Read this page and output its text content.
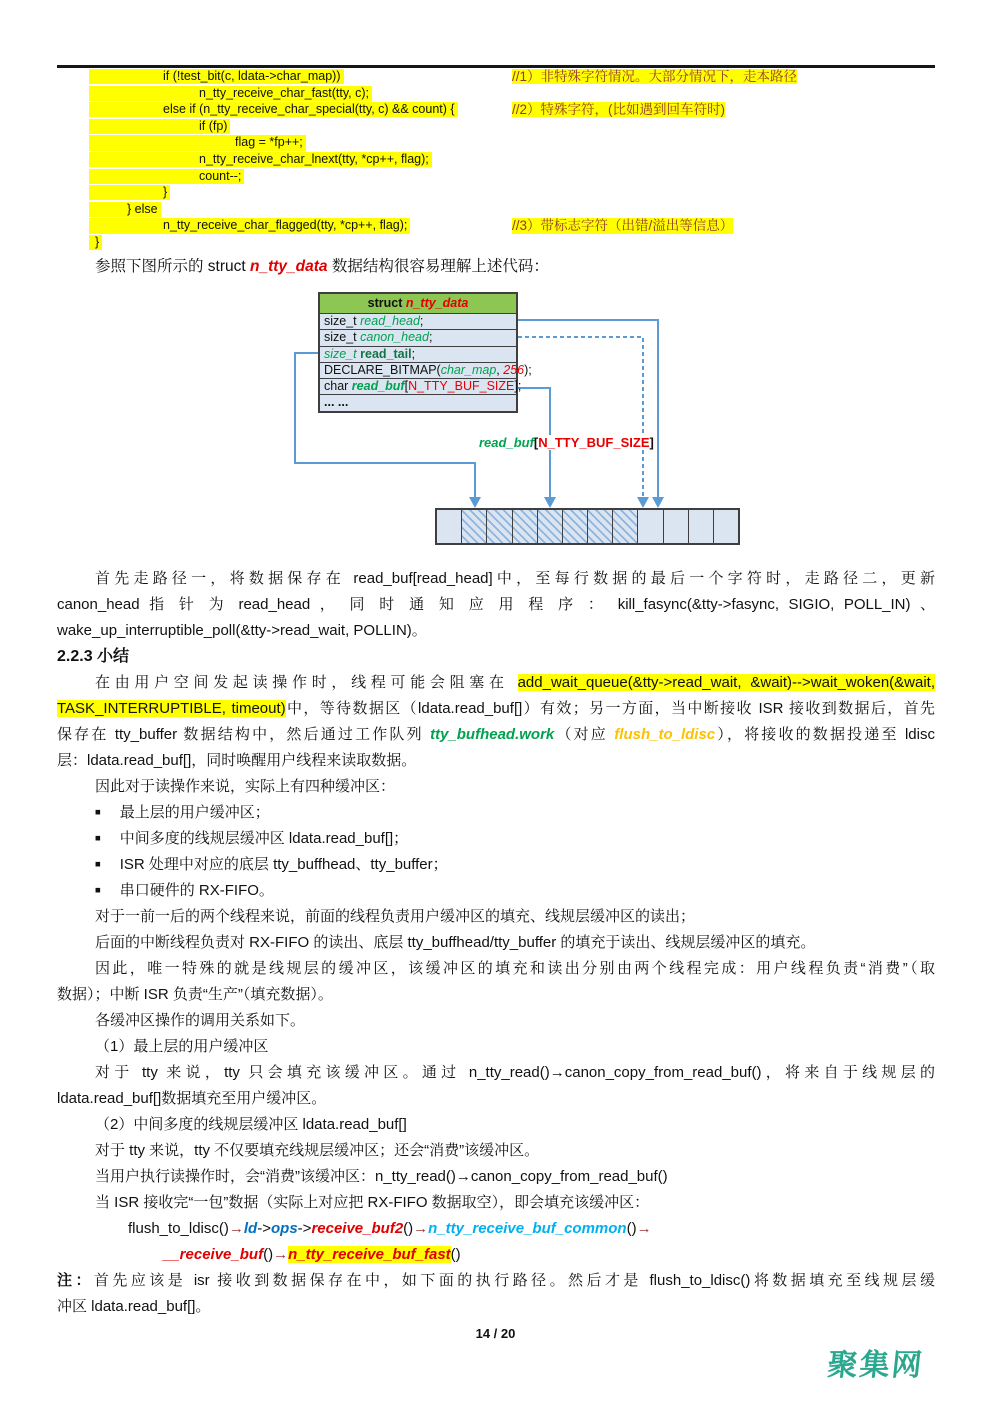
if (!test_bit(c, ldata->char_map))	//1）非特殊字符情况。大部分情况下，走本路径
n_tty_receive_char_fast(tty, c);
else if (n_tty_receive_char_special(tty, c) && count) {	//2）特殊字符，(比如遇到回车符时)
if (fp)
flag = *fp++;
n_tty_receive_char_lnext(tty, *cp++, flag);
count--;
}
} else
n_tty_receive_char_flagged(tty, *cp++, flag);	//3）带标志字符（出错/溢出等信息）
}
参照下图所示的 struct n_tty_data 数据结构很容易理解上述代码：
struct n_tty_data
size_t read_head;
size_t canon_head;
size_t read_tail;
DECLARE_BITMAP(char_map, 256);
char read_buf[N_TTY_BUF_SIZE];
... ...
read_buf[N_TTY_BUF_SIZE]
首先走路径一，将数据保存在 read_buf[read_head]中，至每行数据的最后一个字符时，走路径二，更新
canon_head 指 针 为 read_head ， 同 时 通 知 应 用 程 序 ： kill_fasync(&tty->fasync, SIGIO, POLL_IN) 、
wake_up_interruptible_poll(&tty->read_wait, POLLIN)。
2.2.3 小结
在由用户空间发起读操作时，线程可能会阻塞在 add_wait_queue(&tty->read_wait, &wait)-->wait_woken(&wait,
TASK_INTERRUPTIBLE, timeout)中，等待数据区（ldata.read_buf[]）有效；另一方面，当中断接收 ISR 接收到数据后，首先
保存在 tty_buffer 数据结构中，然后通过工作队列 tty_bufhead.work（对应 flush_to_ldisc），将接收的数据投递至 ldisc
层：ldata.read_buf[]，同时唤醒用户线程来读取数据。
因此对于读操作来说，实际上有四种缓冲区：
■ 最上层的用户缓冲区；
■ 中间多度的线规层缓冲区 ldata.read_buf[]；
■ ISR 处理中对应的底层 tty_buffhead、tty_buffer；
■ 串口硬件的 RX-FIFO。
对于一前一后的两个线程来说，前面的线程负责用户缓冲区的填充、线规层缓冲区的读出；
后面的中断线程负责对 RX-FIFO 的读出、底层 tty_buffhead/tty_buffer 的填充于读出、线规层缓冲区的填充。
因此，唯一特殊的就是线规层的缓冲区，该缓冲区的填充和读出分别由两个线程完成：用户线程负责“消费”（取
数据）；中断 ISR 负责“生产”（填充数据）。
各缓冲区操作的调用关系如下。
（1）最上层的用户缓冲区
对于 tty 来说，tty 只会填充该缓冲区。通过 n_tty_read()→canon_copy_from_read_buf()，将来自于线规层的
ldata.read_buf[]数据填充至用户缓冲区。
（2）中间多度的线规层缓冲区 ldata.read_buf[]
对于 tty 来说，tty 不仅要填充线规层缓冲区；还会“消费”该缓冲区。
当用户执行读操作时，会“消费”该缓冲区：n_tty_read()→canon_copy_from_read_buf()
当 ISR 接收完“一包”数据（实际上对应把 RX-FIFO 数据取空），即会填充该缓冲区：
flush_to_ldisc()→ld->ops->receive_buf2()→n_tty_receive_buf_common()→
__receive_buf()→n_tty_receive_buf_fast()
注：首先应该是 isr 接收到数据保存在中，如下面的执行路径。然后才是 flush_to_ldisc()将数据填充至线规层缓
冲区 ldata.read_buf[]。
14 / 20
聚集网
